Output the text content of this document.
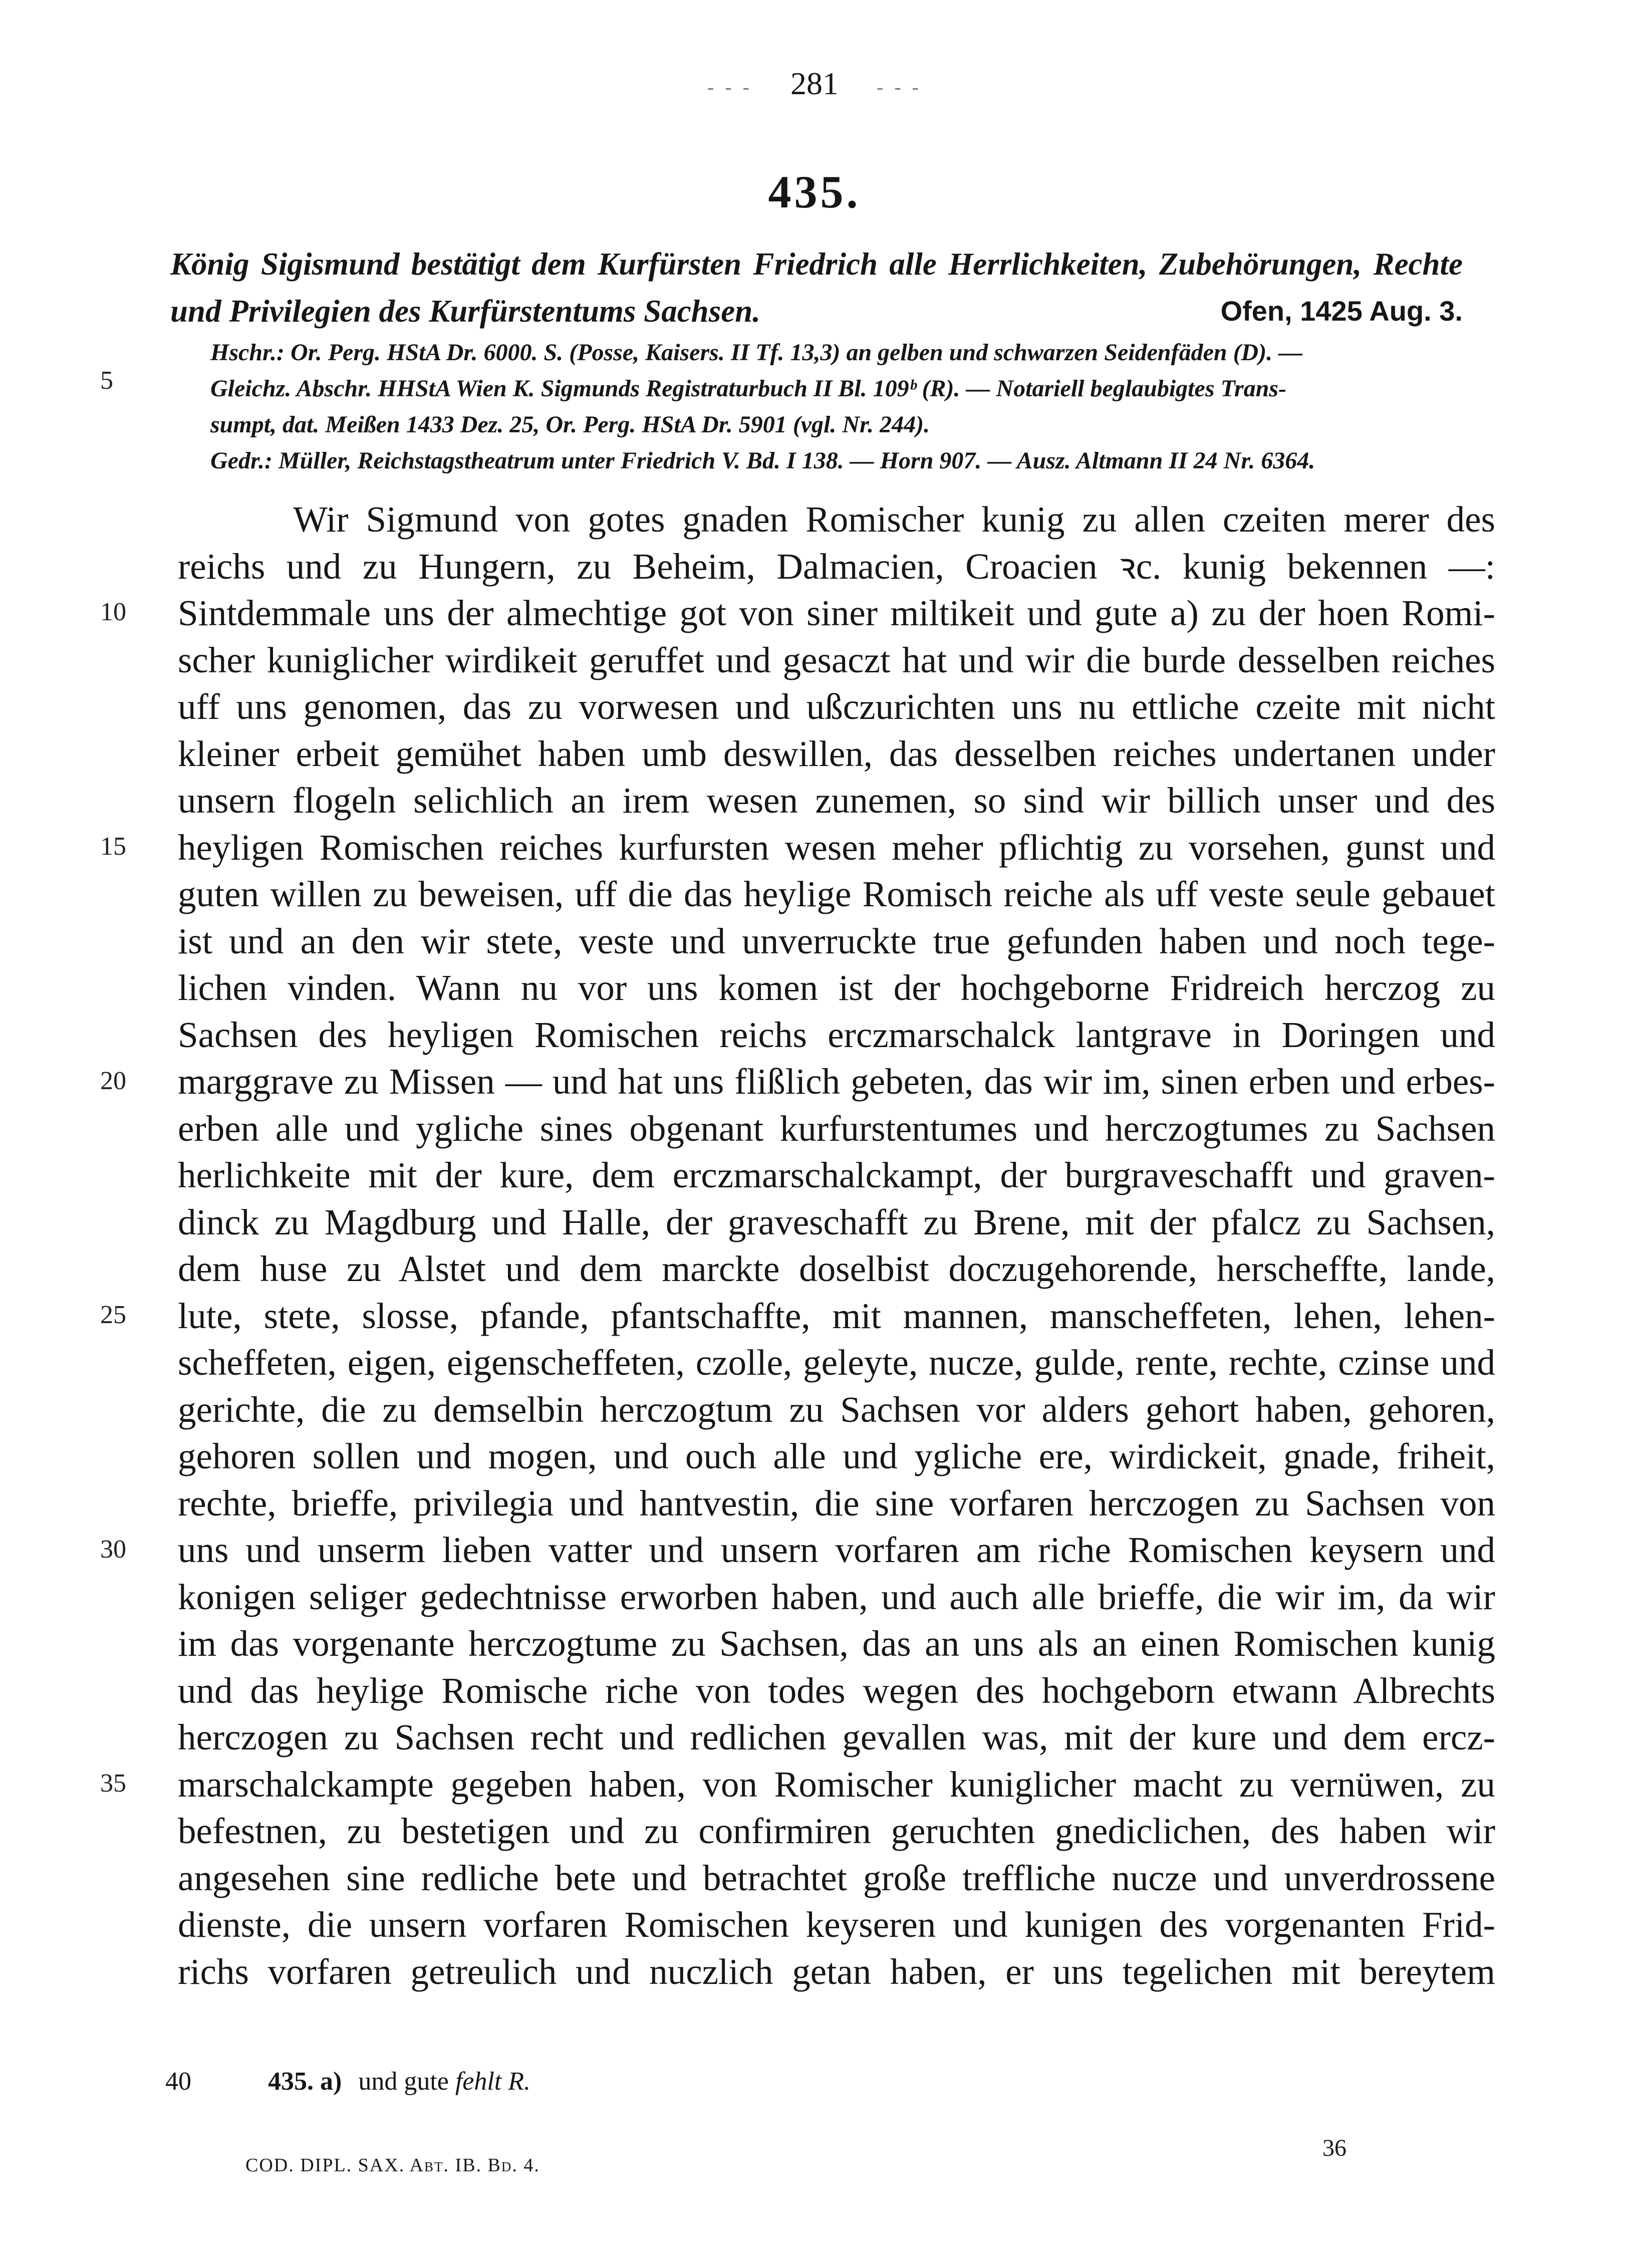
- - - 281 - - -
435.
König Sigismund bestätigt dem Kurfürsten Friedrich alle Herrlichkeiten, Zubehörungen, Rechte
und Privilegien des Kurfürstentums Sachsen.	Ofen, 1425 Aug. 3.
Hschr.: Or. Perg. HStA Dr. 6000. S. (Posse, Kaisers. II Tf. 13,3) an gelben und schwarzen Seidenfäden (D). —
Gleichz. Abschr. HHStA Wien K. Sigmunds Registraturbuch II Bl. 109ᵇ (R). — Notariell beglaubigtes Trans-
sumpt, dat. Meißen 1433 Dez. 25, Or. Perg. HStA Dr. 5901 (vgl. Nr. 244).
Gedr.: Müller, Reichstagstheatrum unter Friedrich V. Bd. I 138. — Horn 907. — Ausz. Altmann II 24 Nr. 6364.
5
10
15
20
25
30
35
Wir Sigmund von gotes gnaden Romischer kunig zu allen czeiten merer des
reichs und zu Hungern, zu Beheim, Dalmacien, Croacien ꝛc. kunig bekennen —:
Sintdemmale uns der almechtige got von siner miltikeit und gute a) zu der hoen Romi-
scher kuniglicher wirdikeit geruffet und gesaczt hat und wir die burde desselben reiches
uff uns genomen, das zu vorwesen und ußczurichten uns nu ettliche czeite mit nicht
kleiner erbeit gemühet haben umb deswillen, das desselben reiches undertanen under
unsern flogeln selichlich an irem wesen zunemen, so sind wir billich unser und des
heyligen Romischen reiches kurfursten wesen meher pflichtig zu vorsehen, gunst und
guten willen zu beweisen, uff die das heylige Romisch reiche als uff veste seule gebauet
ist und an den wir stete, veste und unverruckte true gefunden haben und noch tege-
lichen vinden. Wann nu vor uns komen ist der hochgeborne Fridreich herczog zu
Sachsen des heyligen Romischen reichs erczmarschalck lantgrave in Doringen und
marggrave zu Missen — und hat uns flißlich gebeten, das wir im, sinen erben und erbes-
erben alle und ygliche sines obgenant kurfurstentumes und herczogtumes zu Sachsen
herlichkeite mit der kure, dem erczmarschalckampt, der burgraveschafft und graven-
dinck zu Magdburg und Halle, der graveschafft zu Brene, mit der pfalcz zu Sachsen,
dem huse zu Alstet und dem marckte doselbist doczugehorende, herscheffte, lande,
lute, stete, slosse, pfande, pfantschaffte, mit mannen, manscheffeten, lehen, lehen-
scheffeten, eigen, eigenscheffeten, czolle, geleyte, nucze, gulde, rente, rechte, czinse und
gerichte, die zu demselbin herczogtum zu Sachsen vor alders gehort haben, gehoren,
gehoren sollen und mogen, und ouch alle und ygliche ere, wirdickeit, gnade, friheit,
rechte, brieffe, privilegia und hantvestin, die sine vorfaren herczogen zu Sachsen von
uns und unserm lieben vatter und unsern vorfaren am riche Romischen keysern und
konigen seliger gedechtnisse erworben haben, und auch alle brieffe, die wir im, da wir
im das vorgenante herczogtume zu Sachsen, das an uns als an einen Romischen kunig
und das heylige Romische riche von todes wegen des hochgeborn etwann Albrechts
herczogen zu Sachsen recht und redlichen gevallen was, mit der kure und dem ercz-
marschalckampte gegeben haben, von Romischer kuniglicher macht zu vernüwen, zu
befestnen, zu bestetigen und zu confirmiren geruchten gnediclichen, des haben wir
angesehen sine redliche bete und betrachtet große treffliche nucze und unverdrossene
dienste, die unsern vorfaren Romischen keyseren und kunigen des vorgenanten Frid-
richs vorfaren getreulich und nuczlich getan haben, er uns tegelichen mit bereytem
40	435. a) und gute fehlt R.
COD. DIPL. SAX. Abt. IB. Bd. 4.
36
